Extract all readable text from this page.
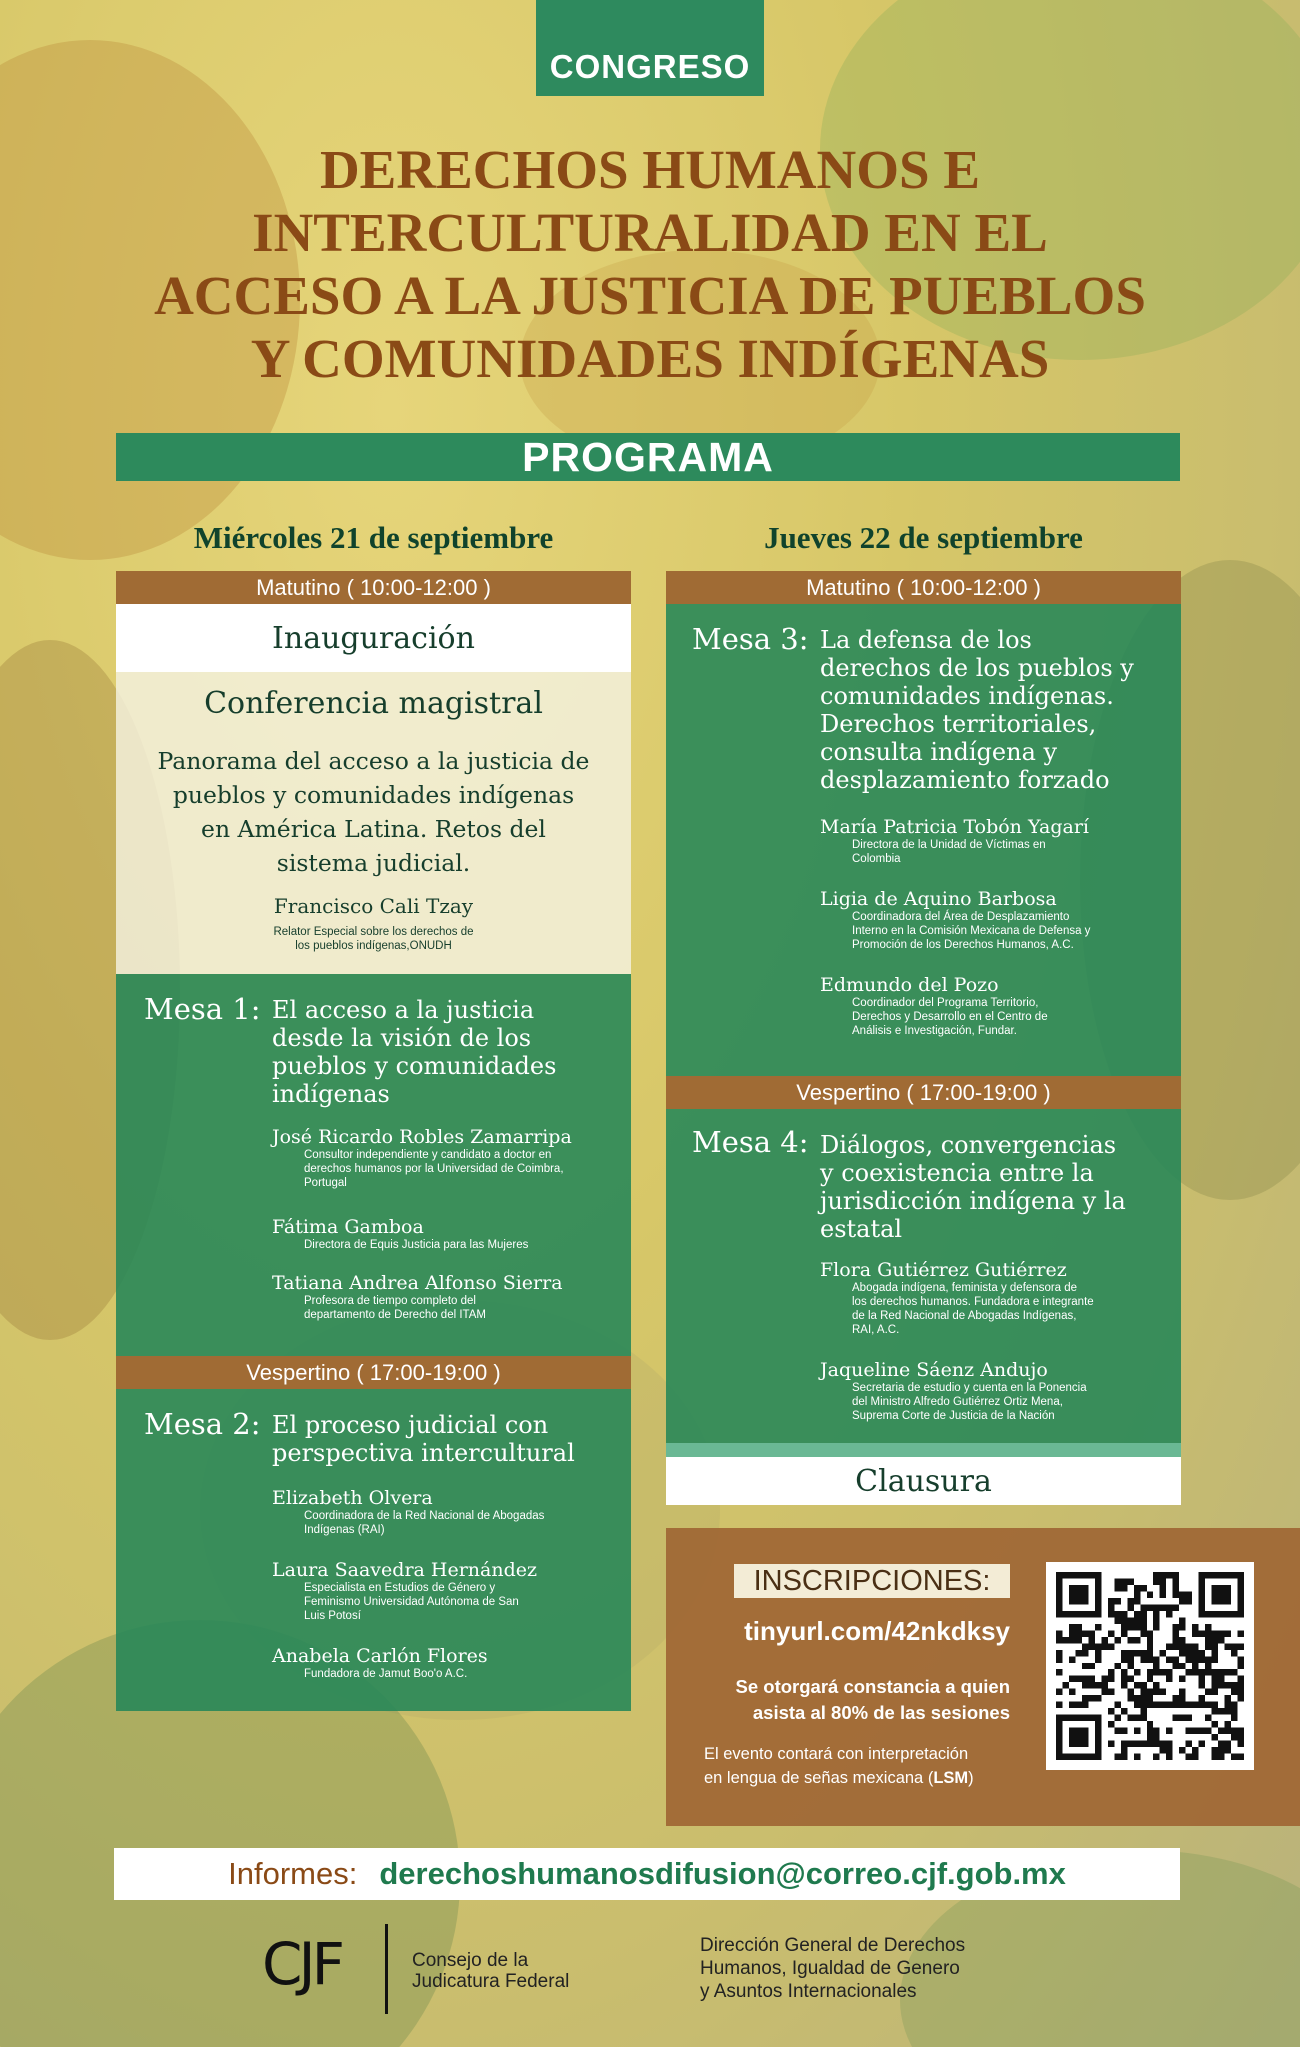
CONGRESO
DERECHOS HUMANOS E
INTERCULTURALIDAD EN EL
ACCESO A LA JUSTICIA DE PUEBLOS
Y COMUNIDADES INDÍGENAS
PROGRAMA
Miércoles 21 de septiembre
Matutino ( 10:00-12:00 )
Inauguración
Conferencia magistral
Panorama del acceso a la justicia de
pueblos y comunidades indígenas
en América Latina. Retos del
sistema judicial.
Francisco Cali Tzay
Relator Especial sobre los derechos de
los pueblos indígenas,ONUDH
Mesa 1: El acceso a la justicia
desde la visión de los
pueblos y comunidades
indígenas
José Ricardo Robles Zamarripa
Consultor independiente y candidato a doctor en
derechos humanos por la Universidad de Coimbra,
Portugal
Fátima Gamboa
Directora de Equis Justicia para las Mujeres
Tatiana Andrea Alfonso Sierra
Profesora de tiempo completo del
departamento de Derecho del ITAM
Vespertino ( 17:00-19:00 )
Mesa 2: El proceso judicial con
perspectiva intercultural
Elizabeth Olvera
Coordinadora de la Red Nacional de Abogadas
Indígenas (RAI)
Laura Saavedra Hernández
Especialista en Estudios de Género y
Feminismo Universidad Autónoma de San
Luis Potosí
Anabela Carlón Flores
Fundadora de Jamut Boo'o A.C.
Jueves 22 de septiembre
Matutino ( 10:00-12:00 )
Mesa 3: La defensa de los
derechos de los pueblos y
comunidades indígenas.
Derechos territoriales,
consulta indígena y
desplazamiento forzado
María Patricia Tobón Yagarí
Directora de la Unidad de Víctimas en
Colombia
Ligia de Aquino Barbosa
Coordinadora del Área de Desplazamiento
Interno en la Comisión Mexicana de Defensa y
Promoción de los Derechos Humanos, A.C.
Edmundo del Pozo
Coordinador del Programa Territorio,
Derechos y Desarrollo en el Centro de
Análisis e Investigación, Fundar.
Vespertino ( 17:00-19:00 )
Mesa 4: Diálogos, convergencias
y coexistencia entre la
jurisdicción indígena y la
estatal
Flora Gutiérrez Gutiérrez
Abogada indígena, feminista y defensora de
los derechos humanos. Fundadora e integrante
de la Red Nacional de Abogadas Indígenas,
RAI, A.C.
Jaqueline Sáenz Andujo
Secretaria de estudio y cuenta en la Ponencia
del Ministro Alfredo Gutiérrez Ortiz Mena,
Suprema Corte de Justicia de la Nación
Clausura
INSCRIPCIONES:
tinyurl.com/42nkdksy
Se otorgará constancia a quien
asista al 80% de las sesiones
El evento contará con interpretación
en lengua de señas mexicana (LSM)
Informes: derechoshumanosdifusion@correo.cjf.gob.mx
CJF	Consejo de la
Judicatura Federal
Dirección General de Derechos
Humanos, Igualdad de Genero
y Asuntos Internacionales
